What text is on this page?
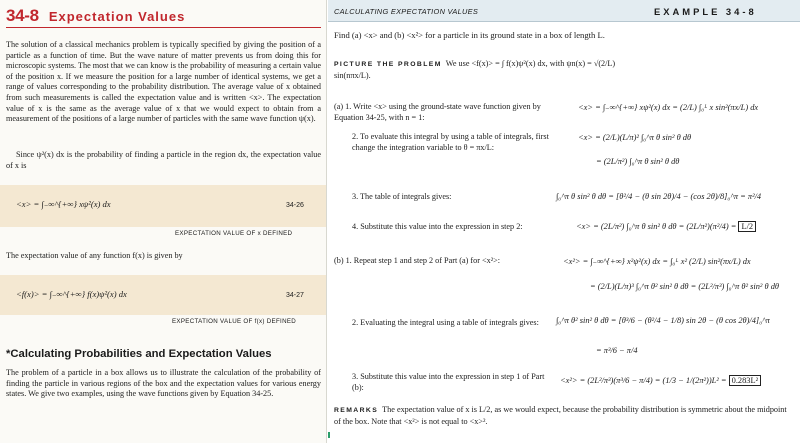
34-8 Expectation Values
The solution of a classical mechanics problem is typically specified by giving the position of a particle as a function of time. But the wave nature of matter prevents us from doing this for microscopic systems. The most that we can know is the probability of measuring a certain value of the position x. If we measure the position for a large number of identical systems, we get a range of values corresponding to the probability distribution. The average value of x obtained from such measurements is called the expectation value and is written <x>. The expectation value of x is the same as the average value of x that we would expect to obtain from a measurement of the positions of a large number of particles with the same wave function ψ(x).
Since ψ²(x) dx is the probability of finding a particle in the region dx, the expectation value of x is
<x> = ∫₋∞^{+∞} xψ²(x) dx	34-26
EXPECTATION VALUE OF x DEFINED
The expectation value of any function f(x) is given by
<f(x)> = ∫₋∞^{+∞} f(x)ψ²(x) dx	34-27
EXPECTATION VALUE OF f(x) DEFINED
*Calculating Probabilities and Expectation Values
The problem of a particle in a box allows us to illustrate the calculation of the probability of finding the particle in various regions of the box and the expectation values for various energy states. We give two examples, using the wave functions given by Equation 34-25.
CALCULATING EXPECTATION VALUES	EXAMPLE 34-8
Find (a) <x> and (b) <x²> for a particle in its ground state in a box of length L.
PICTURE THE PROBLEM We use <f(x)> = ∫ f(x)ψ²(x) dx, with ψn(x) = √(2/L) sin(nπx/L).
(a) 1. Write <x> using the ground-state wave function given by Equation 34-25, with n = 1:
<x> = ∫₋∞^{+∞} xψ²(x) dx = (2/L) ∫₀ᴸ x sin²(πx/L) dx
2. To evaluate this integral by using a table of integrals, first change the integration variable to θ = πx/L:
<x> = (2/L)(L/π)² ∫₀^π θ sin² θ dθ
= (2L/π²) ∫₀^π θ sin² θ dθ
3. The table of integrals gives:	∫₀^π θ sin² θ dθ = [θ²/4 − (θ sin 2θ)/4 − (cos 2θ)/8]₀^π = π²/4
4. Substitute this value into the expression in step 2:	<x> = (2L/π²) ∫₀^π θ sin² θ dθ = (2L/π²)(π²/4) = L/2
(b) 1. Repeat step 1 and step 2 of Part (a) for <x²>:	<x²> = ∫₋∞^{+∞} x²ψ²(x) dx = ∫₀ᴸ x² (2/L) sin²(πx/L) dx
= (2/L)(L/π)³ ∫₀^π θ² sin² θ dθ = (2L²/π³) ∫₀^π θ² sin² θ dθ
2. Evaluating the integral using a table of integrals gives:	∫₀^π θ² sin² θ dθ = [θ³/6 − (θ²/4 − 1/8) sin 2θ − (θ cos 2θ)/4]₀^π
= π³/6 − π/4
3. Substitute this value into the expression in step 1 of Part (b):
<x²> = (2L²/π³)(π³/6 − π/4) = (1/3 − 1/(2π²))L² = 0.283L²
REMARKS The expectation value of x is L/2, as we would expect, because the probability distribution is symmetric about the midpoint of the box. Note that <x²> is not equal to <x>².
